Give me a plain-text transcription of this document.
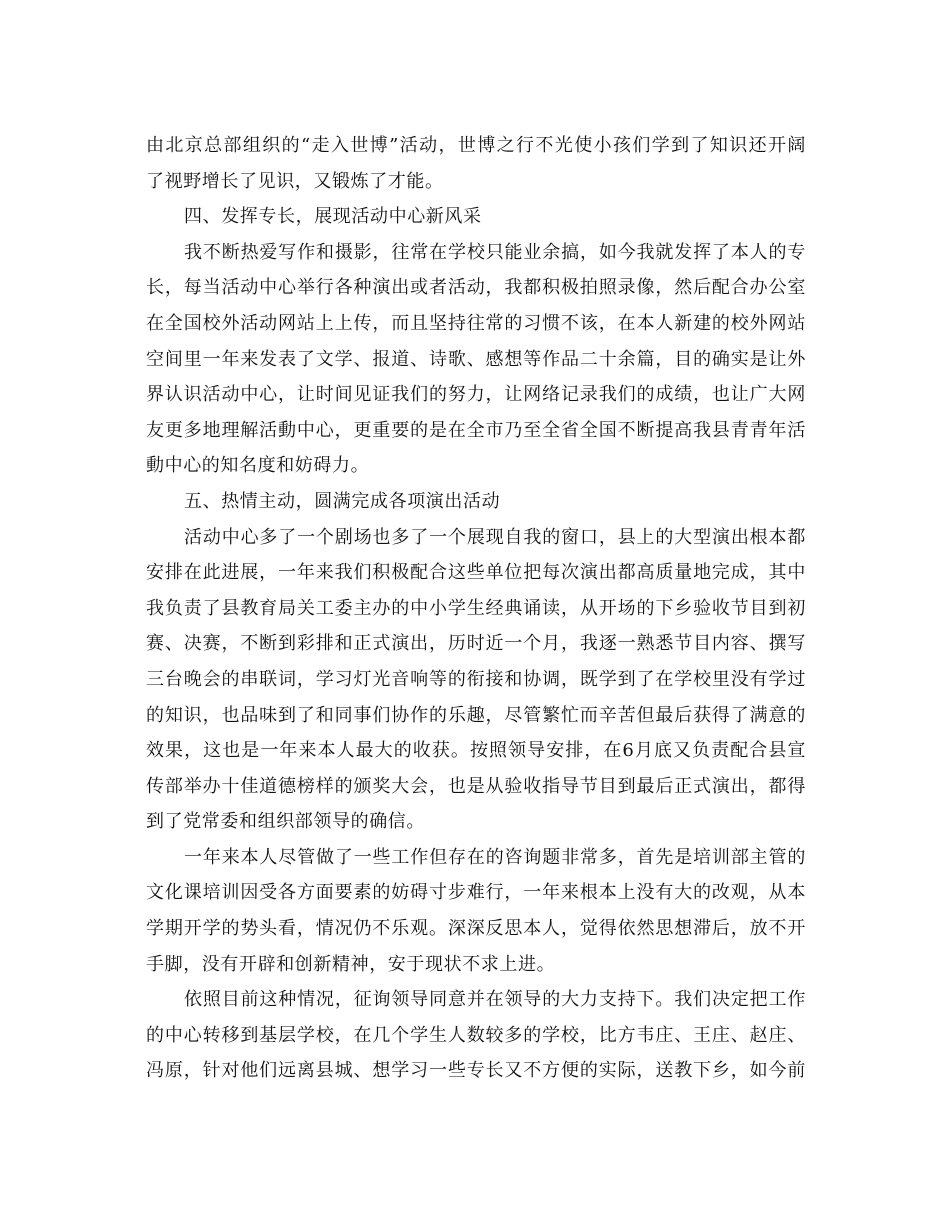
由北京总部组织的“走入世博”活动，世博之行不光使小孩们学到了知识还开阔
了视野增长了见识，又锻炼了才能。
四、发挥专长，展现活动中心新风采
我不断热爱写作和摄影，往常在学校只能业余搞，如今我就发挥了本人的专
长，每当活动中心举行各种演出或者活动，我都积极拍照录像，然后配合办公室
在全国校外活动网站上上传，而且坚持往常的习惯不该，在本人新建的校外网站
空间里一年来发表了文学、报道、诗歌、感想等作品二十余篇，目的确实是让外
界认识活动中心，让时间见证我们的努力，让网络记录我们的成绩，也让广大网
友更多地理解活動中心，更重要的是在全市乃至全省全国不断提高我县青青年活
動中心的知名度和妨碍力。
五、热情主动，圆满完成各项演出活动
活动中心多了一个剧场也多了一个展现自我的窗口，县上的大型演出根本都
安排在此进展，一年来我们积极配合这些单位把每次演出都高质量地完成，其中
我负责了县教育局关工委主办的中小学生经典诵读，从开场的下乡验收节目到初
赛、决赛，不断到彩排和正式演出，历时近一个月，我逐一熟悉节目内容、撰写
三台晚会的串联词，学习灯光音响等的衔接和协调，既学到了在学校里没有学过
的知识，也品味到了和同事们协作的乐趣，尽管繁忙而辛苦但最后获得了满意的
效果，这也是一年来本人最大的收获。按照领导安排，在6月底又负责配合县宣
传部举办十佳道德榜样的颁奖大会，也是从验收指导节目到最后正式演出，都得
到了党常委和组织部领导的确信。
一年来本人尽管做了一些工作但存在的咨询题非常多，首先是培训部主管的
文化课培训因受各方面要素的妨碍寸步难行，一年来根本上没有大的改观，从本
学期开学的势头看，情况仍不乐观。深深反思本人，觉得依然思想滞后，放不开
手脚，没有开辟和创新精神，安于现状不求上进。
依照目前这种情况，征询领导同意并在领导的大力支持下。我们决定把工作
的中心转移到基层学校，在几个学生人数较多的学校，比方韦庄、王庄、赵庄、
冯原，针对他们远离县城、想学习一些专长又不方便的实际，送教下乡，如今前
